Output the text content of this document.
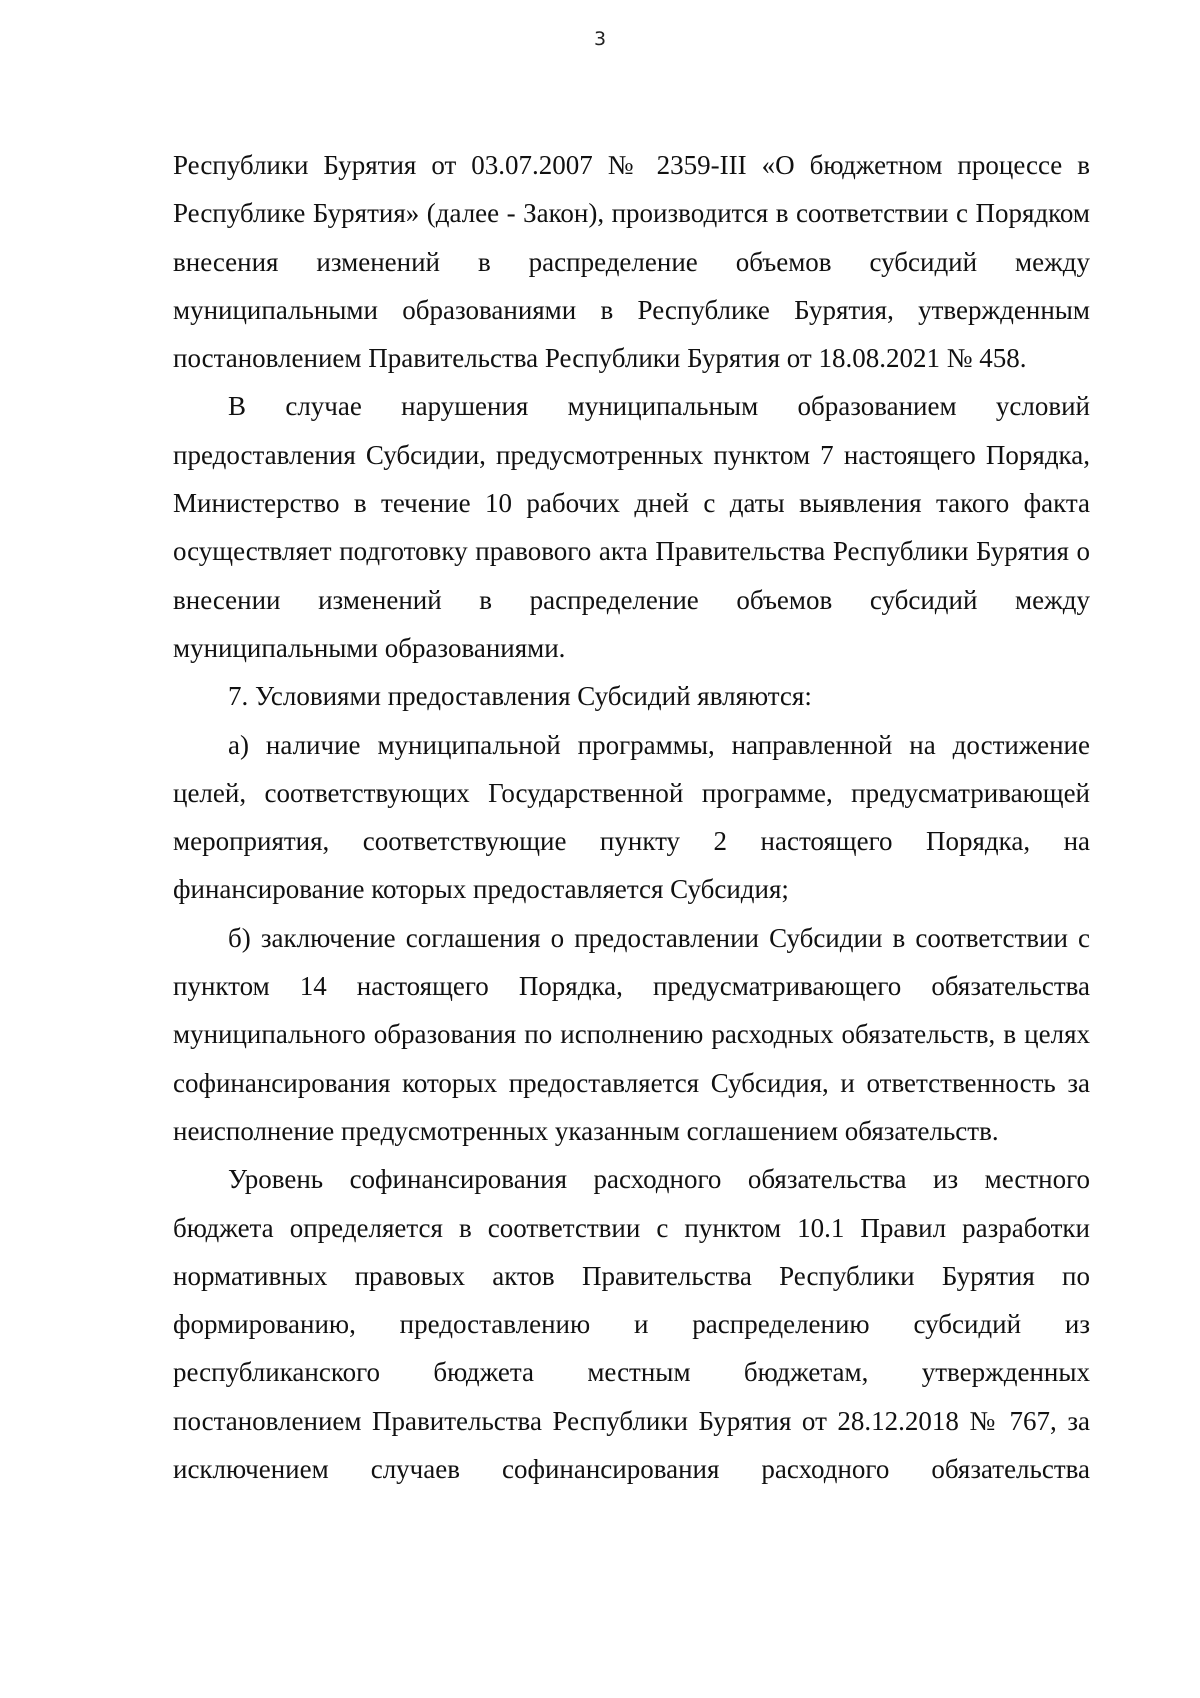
3

Республики Бурятия от 03.07.2007 № 2359-III «О бюджетном процессе в Республике Бурятия» (далее - Закон), производится в соответствии с Порядком внесения изменений в распределение объемов субсидий между муниципальными образованиями в Республике Бурятия, утвержденным постановлением Правительства Республики Бурятия от 18.08.2021 № 458.

В случае нарушения муниципальным образованием условий предоставления Субсидии, предусмотренных пунктом 7 настоящего Порядка, Министерство в течение 10 рабочих дней с даты выявления такого факта осуществляет подготовку правового акта Правительства Республики Бурятия о внесении изменений в распределение объемов субсидий между муниципальными образованиями.

7. Условиями предоставления Субсидий являются:

а) наличие муниципальной программы, направленной на достижение целей, соответствующих Государственной программе, предусматривающей мероприятия, соответствующие пункту 2 настоящего Порядка, на финансирование которых предоставляется Субсидия;

б) заключение соглашения о предоставлении Субсидии в соответствии с пунктом 14 настоящего Порядка, предусматривающего обязательства муниципального образования по исполнению расходных обязательств, в целях софинансирования которых предоставляется Субсидия, и ответственность за неисполнение предусмотренных указанным соглашением обязательств.

Уровень софинансирования расходного обязательства из местного бюджета определяется в соответствии с пунктом 10.1 Правил разработки нормативных правовых актов Правительства Республики Бурятия по формированию, предоставлению и распределению субсидий из республиканского бюджета местным бюджетам, утвержденных постановлением Правительства Республики Бурятия от 28.12.2018 № 767, за исключением случаев софинансирования расходного обязательства
